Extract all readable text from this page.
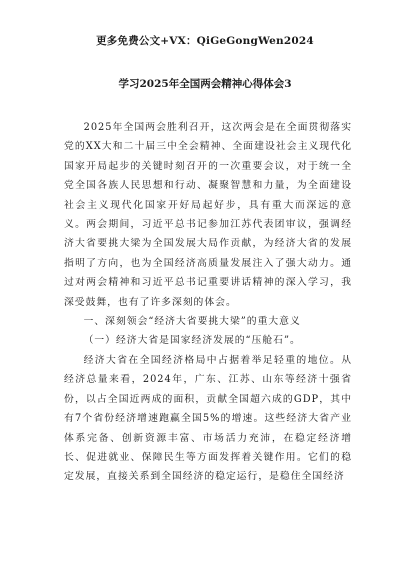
更多免费公文+VX：QiGeGongWen2024
学习2025年全国两会精神心得体会3

2025年全国两会胜利召开，这次两会是在全面贯彻落实党的XX大和二十届三中全会精神、全面建设社会主义现代化国家开局起步的关键时刻召开的一次重要会议，对于统一全党全国各族人民思想和行动、凝聚智慧和力量，为全面建设社会主义现代化国家开好局起好步，具有重大而深远的意义。两会期间，习近平总书记参加江苏代表团审议，强调经济大省要挑大梁为全国发展大局作贡献，为经济大省的发展指明了方向，也为全国经济高质量发展注入了强大动力。通过对两会精神和习近平总书记重要讲话精神的深入学习，我深受鼓舞，也有了许多深刻的体会。

一、深刻领会“经济大省要挑大梁”的重大意义

（一）经济大省是国家经济发展的“压舱石”。

经济大省在全国经济格局中占据着举足轻重的地位。从经济总量来看，2024年，广东、江苏、山东等经济十强省份，以占全国近两成的面积，贡献全国超六成的GDP，其中有7个省份经济增速跑赢全国5%的增速。这些经济大省产业体系完备、创新资源丰富、市场活力充沛，在稳定经济增长、促进就业、保障民生等方面发挥着关键作用。它们的稳定发展，直接关系到全国经济的稳定运行，是稳住全国经济
